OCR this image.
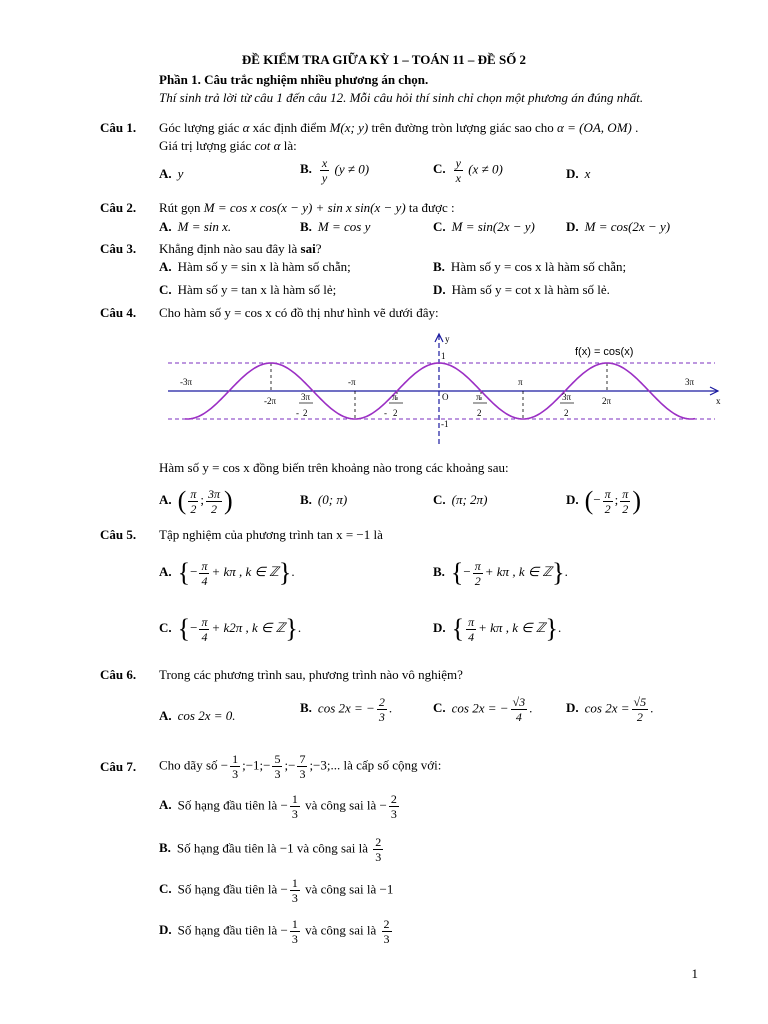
ĐỀ KIỂM TRA GIỮA KỲ 1 – TOÁN 11 – ĐỀ SỐ 2
Phần 1. Câu trắc nghiệm nhiều phương án chọn.
Thí sinh trả lời từ câu 1 đến câu 12. Mỗi câu hỏi thí sinh chỉ chọn một phương án đúng nhất.
Câu 1. Góc lượng giác α xác định điểm M(x; y) trên đường tròn lượng giác sao cho α = (OA, OM) .
Giá trị lượng giác cot α là:
A. y	B. $\frac{x}{y} (y \ne 0)$	C. $\frac{y}{x} (x \ne 0)$	D. x
Câu 2. Rút gọn M = cos x cos(x − y) + sin x sin(x − y) ta được :
A. M = sin x.	B. M = cos y	C. M = sin(2x − y) D. M = cos(2x − y)
Câu 3. Khẳng định nào sau đây là sai?
A. Hàm số y = sin x là hàm số chẵn;	B. Hàm số y = cos x là hàm số chẵn;
C. Hàm số y = tan x là hàm số lẻ;	D. Hàm số y = cot x là hàm số lẻ.
Câu 4. Cho hàm số y = cos x có đồ thị như hình vẽ dưới đây:
-3π
-2π
-π	π
2π
3π
1
-1
O	x
y
3π
- 2
π
- 2
π
2
3π
2
f(x) = cos(x)
Hàm số y = cos x đồng biến trên khoảng nào trong các khoảng sau:
A. ( $\frac{\pi}{2}$ ; $\frac{3\pi}{2}$ )	B. (0; π)	C. (π; 2π)	D. (− $\frac{\pi}{2}$ ; $\frac{\pi}{2}$ )
Câu 5. Tập nghiệm của phương trình tan x = −1 là
A. {− $\frac{\pi}{4} + k\pi$ , k ∈ ℤ}.	B. {− $\frac{\pi}{2} + k\pi$ , k ∈ ℤ}.
C. {− $\frac{\pi}{4} + k2\pi$ , k ∈ ℤ}.	D. { $\frac{\pi}{4} + k\pi$ , k ∈ ℤ}.
Câu 6. Trong các phương trình sau, phương trình nào vô nghiệm?
A. cos 2x = 0.
B. cos 2x = − $\frac{2}{3}$ .	C. cos 2x = − $\frac{√3}{4}$ .	D. $\cos 2x = \frac{√5}{2}$ .
Câu 7. Cho dãy số − $\frac{1}{3}$ ;−1;− $\frac{5}{3}$ ;− $\frac{7}{3}$ ;−3;... là cấp số cộng với:
A. Số hạng đầu tiên là − $\frac{1}{3}$ và công sai là − $\frac{2}{3}$
B. Số hạng đầu tiên là −1 và công sai là $\frac{2}{3}$
C. Số hạng đầu tiên là − $\frac{1}{3}$ và công sai là −1
D. Số hạng đầu tiên là − $\frac{1}{3}$ và công sai là $\frac{2}{3}$
1
